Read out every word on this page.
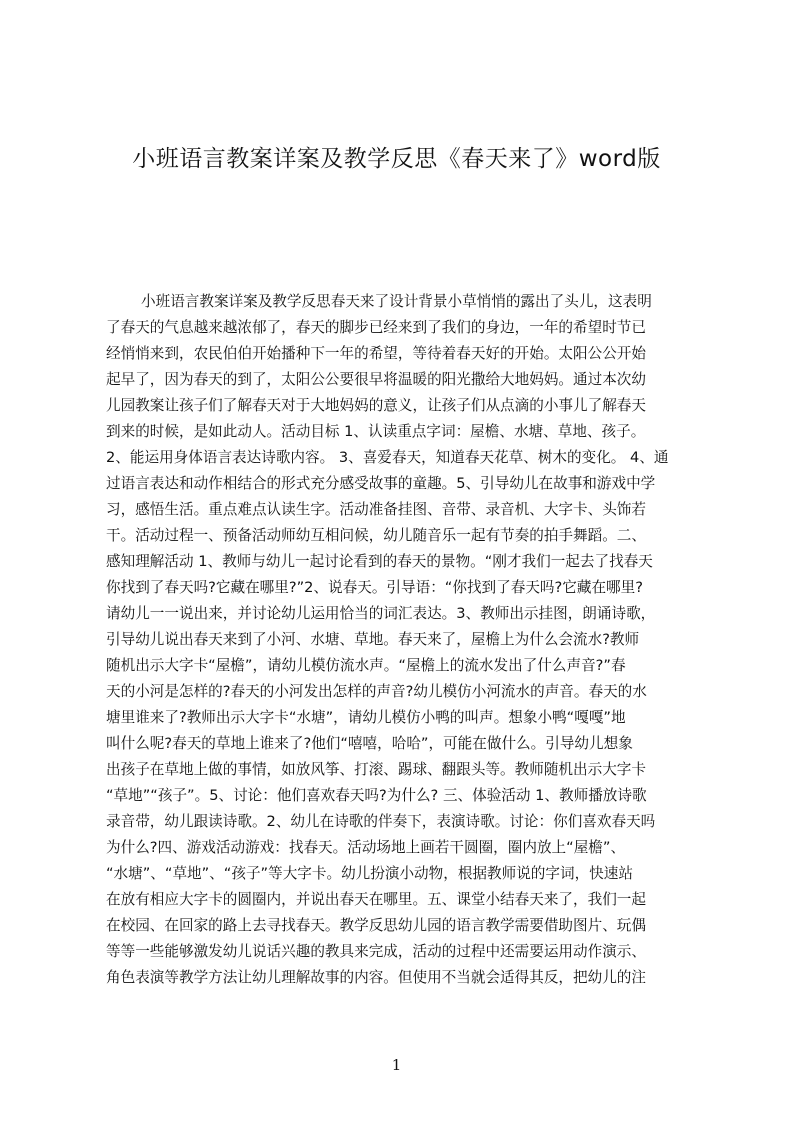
小班语言教案详案及教学反思《春天来了》word版
小班语言教案详案及教学反思春天来了设计背景小草悄悄的露出了头儿，这表明
了春天的气息越来越浓郁了，春天的脚步已经来到了我们的身边，一年的希望时节已
经悄悄来到，农民伯伯开始播种下一年的希望，等待着春天好的开始。太阳公公开始
起早了，因为春天的到了，太阳公公要很早将温暖的阳光撒给大地妈妈。通过本次幼
儿园教案让孩子们了解春天对于大地妈妈的意义，让孩子们从点滴的小事儿了解春天
到来的时候，是如此动人。活动目标 1、认读重点字词：屋檐、水塘、草地、孩子。
2、能运用身体语言表达诗歌内容。 3、喜爱春天，知道春天花草、树木的变化。 4、通
过语言表达和动作相结合的形式充分感受故事的童趣。5、引导幼儿在故事和游戏中学
习，感悟生活。重点难点认读生字。活动准备挂图、音带、录音机、大字卡、头饰若
干。活动过程一、预备活动师幼互相问候，幼儿随音乐一起有节奏的拍手舞蹈。二、
感知理解活动 1、教师与幼儿一起讨论看到的春天的景物。“刚才我们一起去了找春天
你找到了春天吗?它藏在哪里?”2、说春天。引导语：“你找到了春天吗?它藏在哪里?
请幼儿一一说出来，并讨论幼儿运用恰当的词汇表达。3、教师出示挂图，朗诵诗歌，
引导幼儿说出春天来到了小河、水塘、草地。春天来了，屋檐上为什么会流水?教师
随机出示大字卡“屋檐”，请幼儿模仿流水声。“屋檐上的流水发出了什么声音?”春
天的小河是怎样的?春天的小河发出怎样的声音?幼儿模仿小河流水的声音。春天的水
塘里谁来了?教师出示大字卡“水塘”，请幼儿模仿小鸭的叫声。想象小鸭“嘎嘎”地
叫什么呢?春天的草地上谁来了?他们“嘻嘻，哈哈”，可能在做什么。引导幼儿想象
出孩子在草地上做的事情，如放风筝、打滚、踢球、翻跟头等。教师随机出示大字卡
“草地”“孩子”。5、讨论：他们喜欢春天吗?为什么? 三、体验活动 1、教师播放诗歌
录音带，幼儿跟读诗歌。2、幼儿在诗歌的伴奏下，表演诗歌。讨论：你们喜欢春天吗
为什么?四、游戏活动游戏：找春天。活动场地上画若干圆圈，圈内放上“屋檐”、
“水塘”、“草地”、“孩子”等大字卡。幼儿扮演小动物，根据教师说的字词，快速站
在放有相应大字卡的圆圈内，并说出春天在哪里。五、课堂小结春天来了，我们一起
在校园、在回家的路上去寻找春天。教学反思幼儿园的语言教学需要借助图片、玩偶
等等一些能够激发幼儿说话兴趣的教具来完成，活动的过程中还需要运用动作演示、
角色表演等教学方法让幼儿理解故事的内容。但使用不当就会适得其反，把幼儿的注
1
